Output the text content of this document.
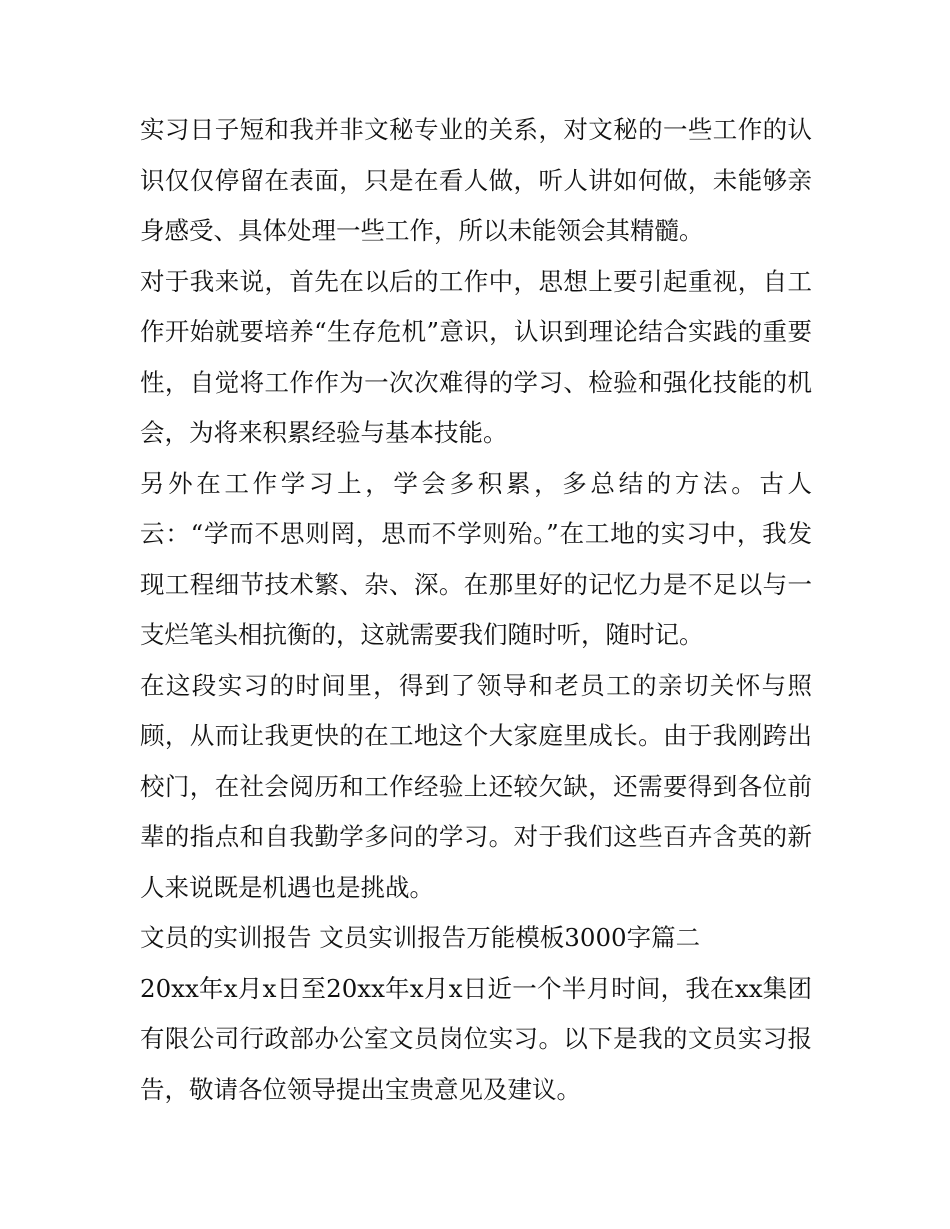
实习日子短和我并非文秘专业的关系，对文秘的一些工作的认识仅仅停留在表面，只是在看人做，听人讲如何做，未能够亲身感受、具体处理一些工作，所以未能领会其精髓。

对于我来说，首先在以后的工作中，思想上要引起重视，自工作开始就要培养“生存危机”意识，认识到理论结合实践的重要性，自觉将工作作为一次次难得的学习、检验和强化技能的机会，为将来积累经验与基本技能。

另外在工作学习上，学会多积累，多总结的方法。古人云：“学而不思则罔，思而不学则殆。”在工地的实习中，我发现工程细节技术繁、杂、深。在那里好的记忆力是不足以与一支烂笔头相抗衡的，这就需要我们随时听，随时记。

在这段实习的时间里，得到了领导和老员工的亲切关怀与照顾，从而让我更快的在工地这个大家庭里成长。由于我刚跨出校门，在社会阅历和工作经验上还较欠缺，还需要得到各位前辈的指点和自我勤学多问的学习。对于我们这些百卉含英的新人来说既是机遇也是挑战。

文员的实训报告 文员实训报告万能模板3000字篇二

20xx年x月x日至20xx年x月x日近一个半月时间，我在xx集团有限公司行政部办公室文员岗位实习。以下是我的文员实习报告，敬请各位领导提出宝贵意见及建议。
